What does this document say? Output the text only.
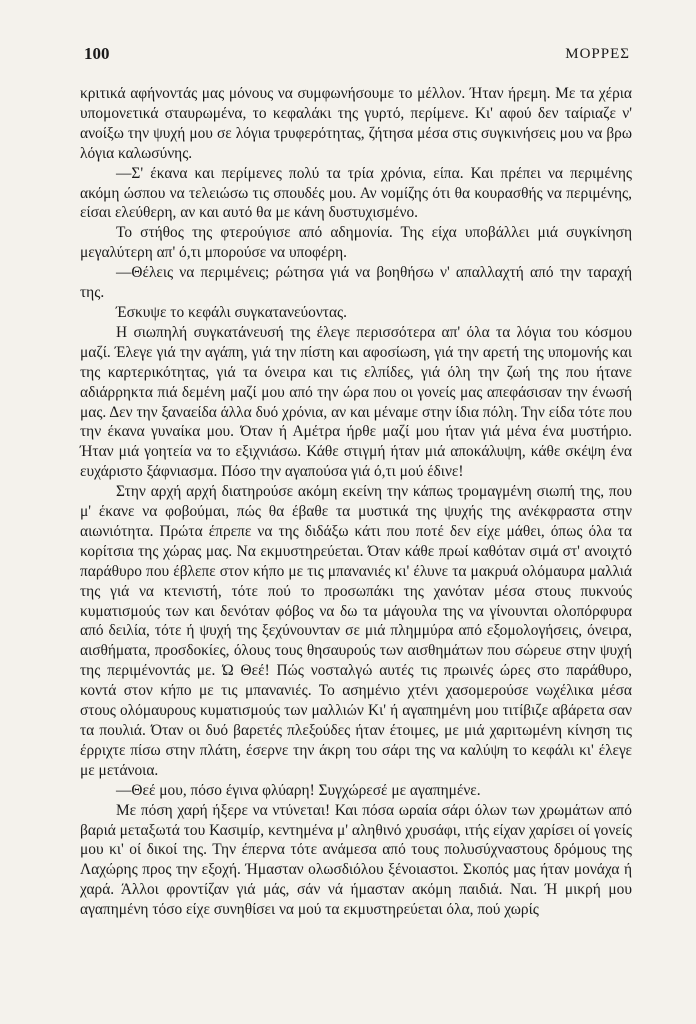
100	ΜΟΡΡΕΣ

κριτικά αφήνοντάς μας μόνους να συμφωνήσουμε το μέλλον. Ήταν ήρεμη. Με τα χέρια υπομονετικά σταυρωμένα, το κεφαλάκι της γυρτό, περίμενε. Κι' αφού δεν ταίριαζε ν' ανοίξω την ψυχή μου σε λόγια τρυφερότητας, ζήτησα μέσα στις συγκινήσεις μου να βρω λόγια καλωσύνης.

—Σ' έκανα και περίμενες πολύ τα τρία χρόνια, είπα. Και πρέπει να περιμένης ακόμη ώσπου να τελειώσω τις σπουδές μου. Αν νομίζης ότι θα κουρασθής να περιμένης, είσαι ελεύθερη, αν και αυτό θα με κάνη δυστυχισμένο.

Το στήθος της φτερούγισε από αδημονία. Της είχα υποβάλλει μιά συγκίνηση μεγαλύτερη απ' ό,τι μπορούσε να υποφέρη.

—Θέλεις να περιμένεις; ρώτησα γιά να βοηθήσω ν' απαλλαχτή από την ταραχή της.

Έσκυψε το κεφάλι συγκατανεύοντας.

Η σιωπηλή συγκατάνευσή της έλεγε περισσότερα απ' όλα τα λόγια του κόσμου μαζί. Έλεγε γιά την αγάπη, γιά την πίστη και αφοσίωση, γιά την αρετή της υπομονής και της καρτερικότητας, γιά τα όνειρα και τις ελπίδες, γιά όλη την ζωή της που ήτανε αδιάρρηκτα πιά δεμένη μαζί μου από την ώρα που οι γονείς μας απεφάσισαν την ένωσή μας. Δεν την ξαναείδα άλλα δυό χρόνια, αν και μέναμε στην ίδια πόλη. Την είδα τότε που την έκανα γυναίκα μου. Όταν ή Αμέτρα ήρθε μαζί μου ήταν γιά μένα ένα μυστήριο. Ήταν μιά γοητεία να το εξιχνιάσω. Κάθε στιγμή ήταν μιά αποκάλυψη, κάθε σκέψη ένα ευχάριστο ξάφνιασμα. Πόσο την αγαπούσα γιά ό,τι μού έδινε!

Στην αρχή αρχή διατηρούσε ακόμη εκείνη την κάπως τρομαγμένη σιωπή της, που μ' έκανε να φοβούμαι, πώς θα έβαθε τα μυστικά της ψυχής της ανέκφραστα στην αιωνιότητα. Πρώτα έπρεπε να της διδάξω κάτι που ποτέ δεν είχε μάθει, όπως όλα τα κορίτσια της χώρας μας. Να εκμυστηρεύεται. Όταν κάθε πρωί καθόταν σιμά στ' ανοιχτό παράθυρο που έβλεπε στον κήπο με τις μπανανιές κι' έλυνε τα μακρυά ολόμαυρα μαλλιά της γιά να κτενιστή, τότε πού το προσωπάκι της χανόταν μέσα στους πυκνούς κυματισμούς των και δενόταν φόβος να δω τα μάγουλα της να γίνουνται ολοπόρφυρα από δειλία, τότε ή ψυχή της ξεχύνουνταν σε μιά πλημμύρα από εξομολογήσεις, όνειρα, αισθήματα, προσδοκίες, όλους τους θησαυρούς των αισθημάτων που σώρευε στην ψυχή της περιμένοντάς με. Ώ Θεέ! Πώς νοσταλγώ αυτές τις πρωινές ώρες στο παράθυρο, κοντά στον κήπο με τις μπανανιές. Το ασημένιο χτένι χασομερούσε νωχέλικα μέσα στους ολόμαυρους κυματισμούς των μαλλιών Κι' ή αγαπημένη μου τιτίβιζε αβάρετα σαν τα πουλιά. Όταν οι δυό βαρετές πλεξούδες ήταν έτοιμες, με μιά χαριτωμένη κίνηση τις έρριχτε πίσω στην πλάτη, έσερνε την άκρη του σάρι της να καλύψη το κεφάλι κι' έλεγε με μετάνοια.

—Θεέ μου, πόσο έγινα φλύαρη! Συγχώρεσέ με αγαπημένε.

Με πόση χαρή ήξερε να ντύνεται! Και πόσα ωραία σάρι όλων των χρωμάτων από βαριά μεταξωτά του Κασιμίρ, κεντημένα μ' αληθινό χρυσάφι, ιτής είχαν χαρίσει οί γονείς μου κι' οί δικοί της. Την έπερνα τότε ανάμεσα από τους πολυσύχναστους δρόμους της Λαχώρης προς την εξοχή. Ήμασταν ολωσδιόλου ξένοιαστοι. Σκοπός μας ήταν μονάχα ή χαρά. Άλλοι φροντίζαν γιά μάς, σάν νά ήμασταν ακόμη παιδιά. Ναι. Ή μικρή μου αγαπημένη τόσο είχε συνηθίσει να μού τα εκμυστηρεύεται όλα, πού χωρίς
